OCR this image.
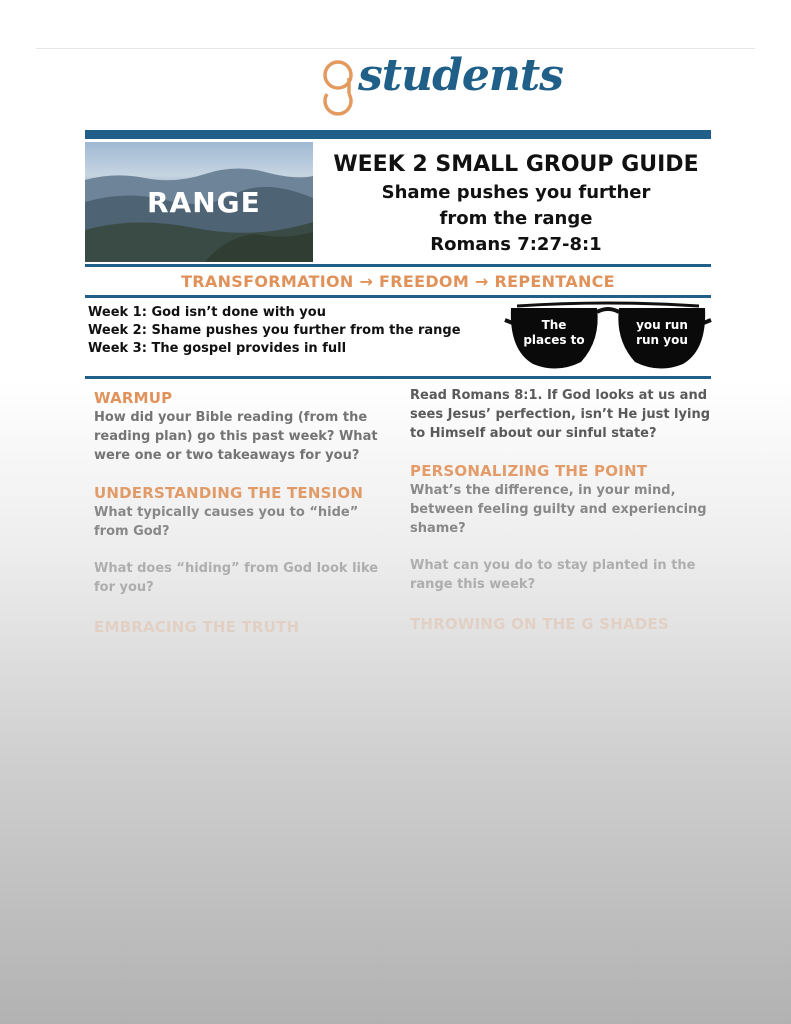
students
RANGE
WEEK 2 SMALL GROUP GUIDE
Shame pushes you further
from the range
Romans 7:27-8:1
TRANSFORMATION → FREEDOM → REPENTANCE
Week 1: God isn’t done with you
Week 2: Shame pushes you further from the range
Week 3: The gospel provides in full
The places to
you run run you
WARMUP

How did your Bible reading (from the reading plan) go this past week? What were one or two takeaways for you?

UNDERSTANDING THE TENSION

What typically causes you to “hide” from God?

What does “hiding” from God look like for you?

EMBRACING THE TRUTH

Read Romans 8:1. If God looks at us and sees Jesus’ perfection, isn’t He just lying to Himself about our sinful state?

PERSONALIZING THE POINT

What’s the difference, in your mind, between feeling guilty and experiencing shame?

What can you do to stay planted in the range this week?

THROWING ON THE G SHADES
